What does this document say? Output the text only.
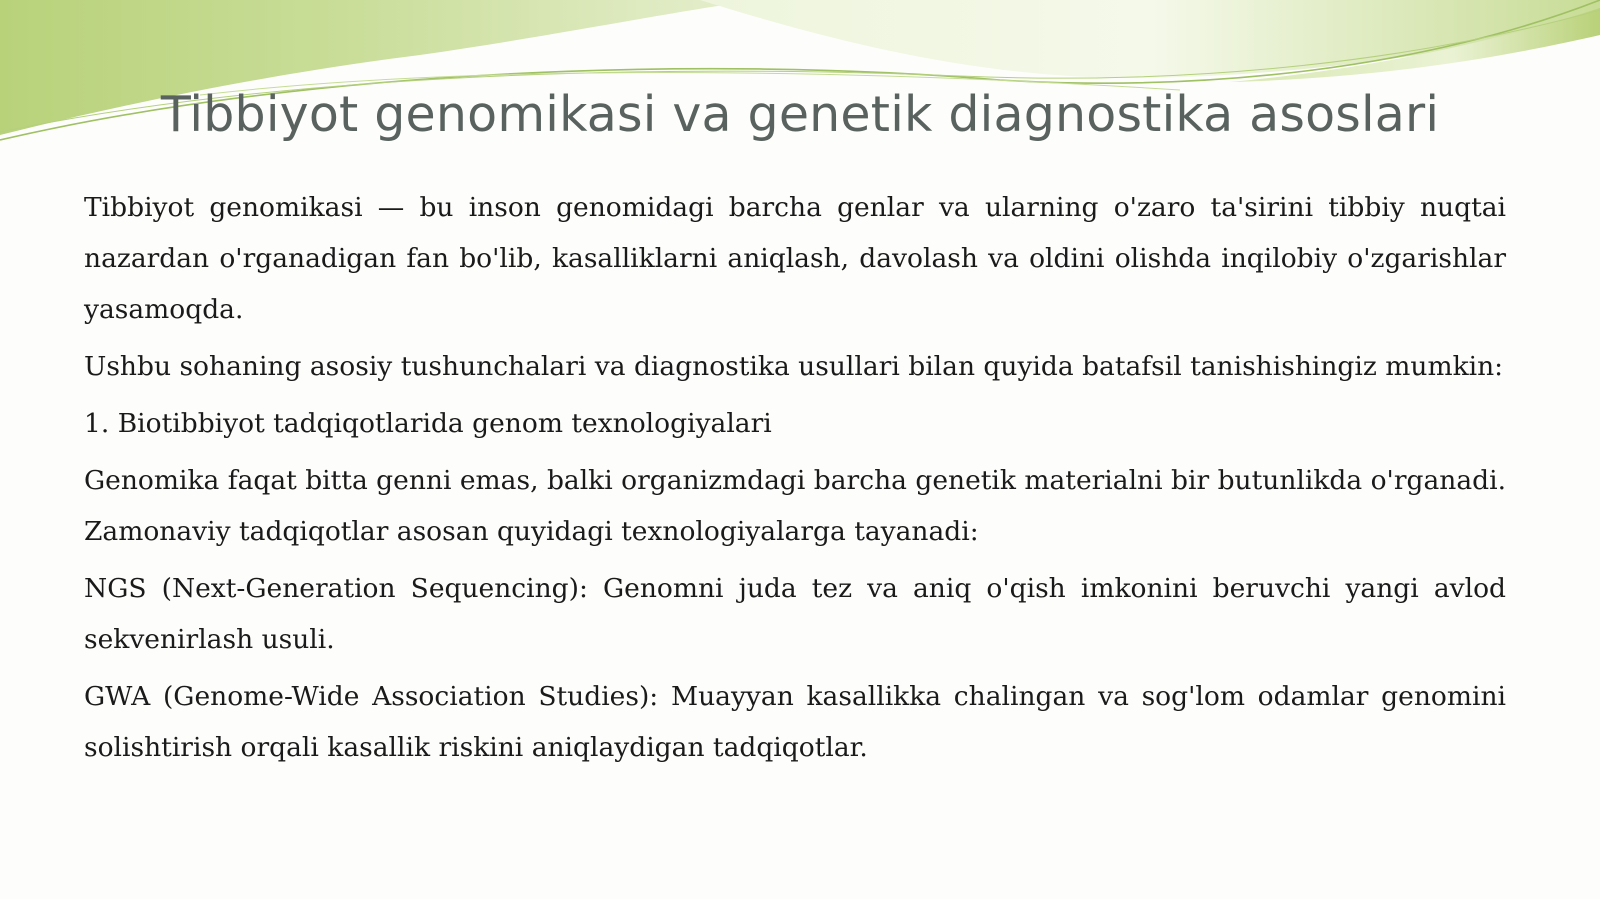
Tibbiyot genomikasi va genetik diagnostika asoslari

Tibbiyot genomikasi — bu inson genomidagi barcha genlar va ularning o'zaro ta'sirini tibbiy nuqtai nazardan o'rganadigan fan bo'lib, kasalliklarni aniqlash, davolash va oldini olishda inqilobiy o'zgarishlar yasamoqda.

Ushbu sohaning asosiy tushunchalari va diagnostika usullari bilan quyida batafsil tanishishingiz mumkin:

1. Biotibbiyot tadqiqotlarida genom texnologiyalari

Genomika faqat bitta genni emas, balki organizmdagi barcha genetik materialni bir butunlikda o'rganadi. Zamonaviy tadqiqotlar asosan quyidagi texnologiyalarga tayanadi:

NGS (Next-Generation Sequencing): Genomni juda tez va aniq o'qish imkonini beruvchi yangi avlod sekvenirlash usuli.

GWA (Genome-Wide Association Studies): Muayyan kasallikka chalingan va sog'lom odamlar genomini solishtirish orqali kasallik riskini aniqlaydigan tadqiqotlar.
